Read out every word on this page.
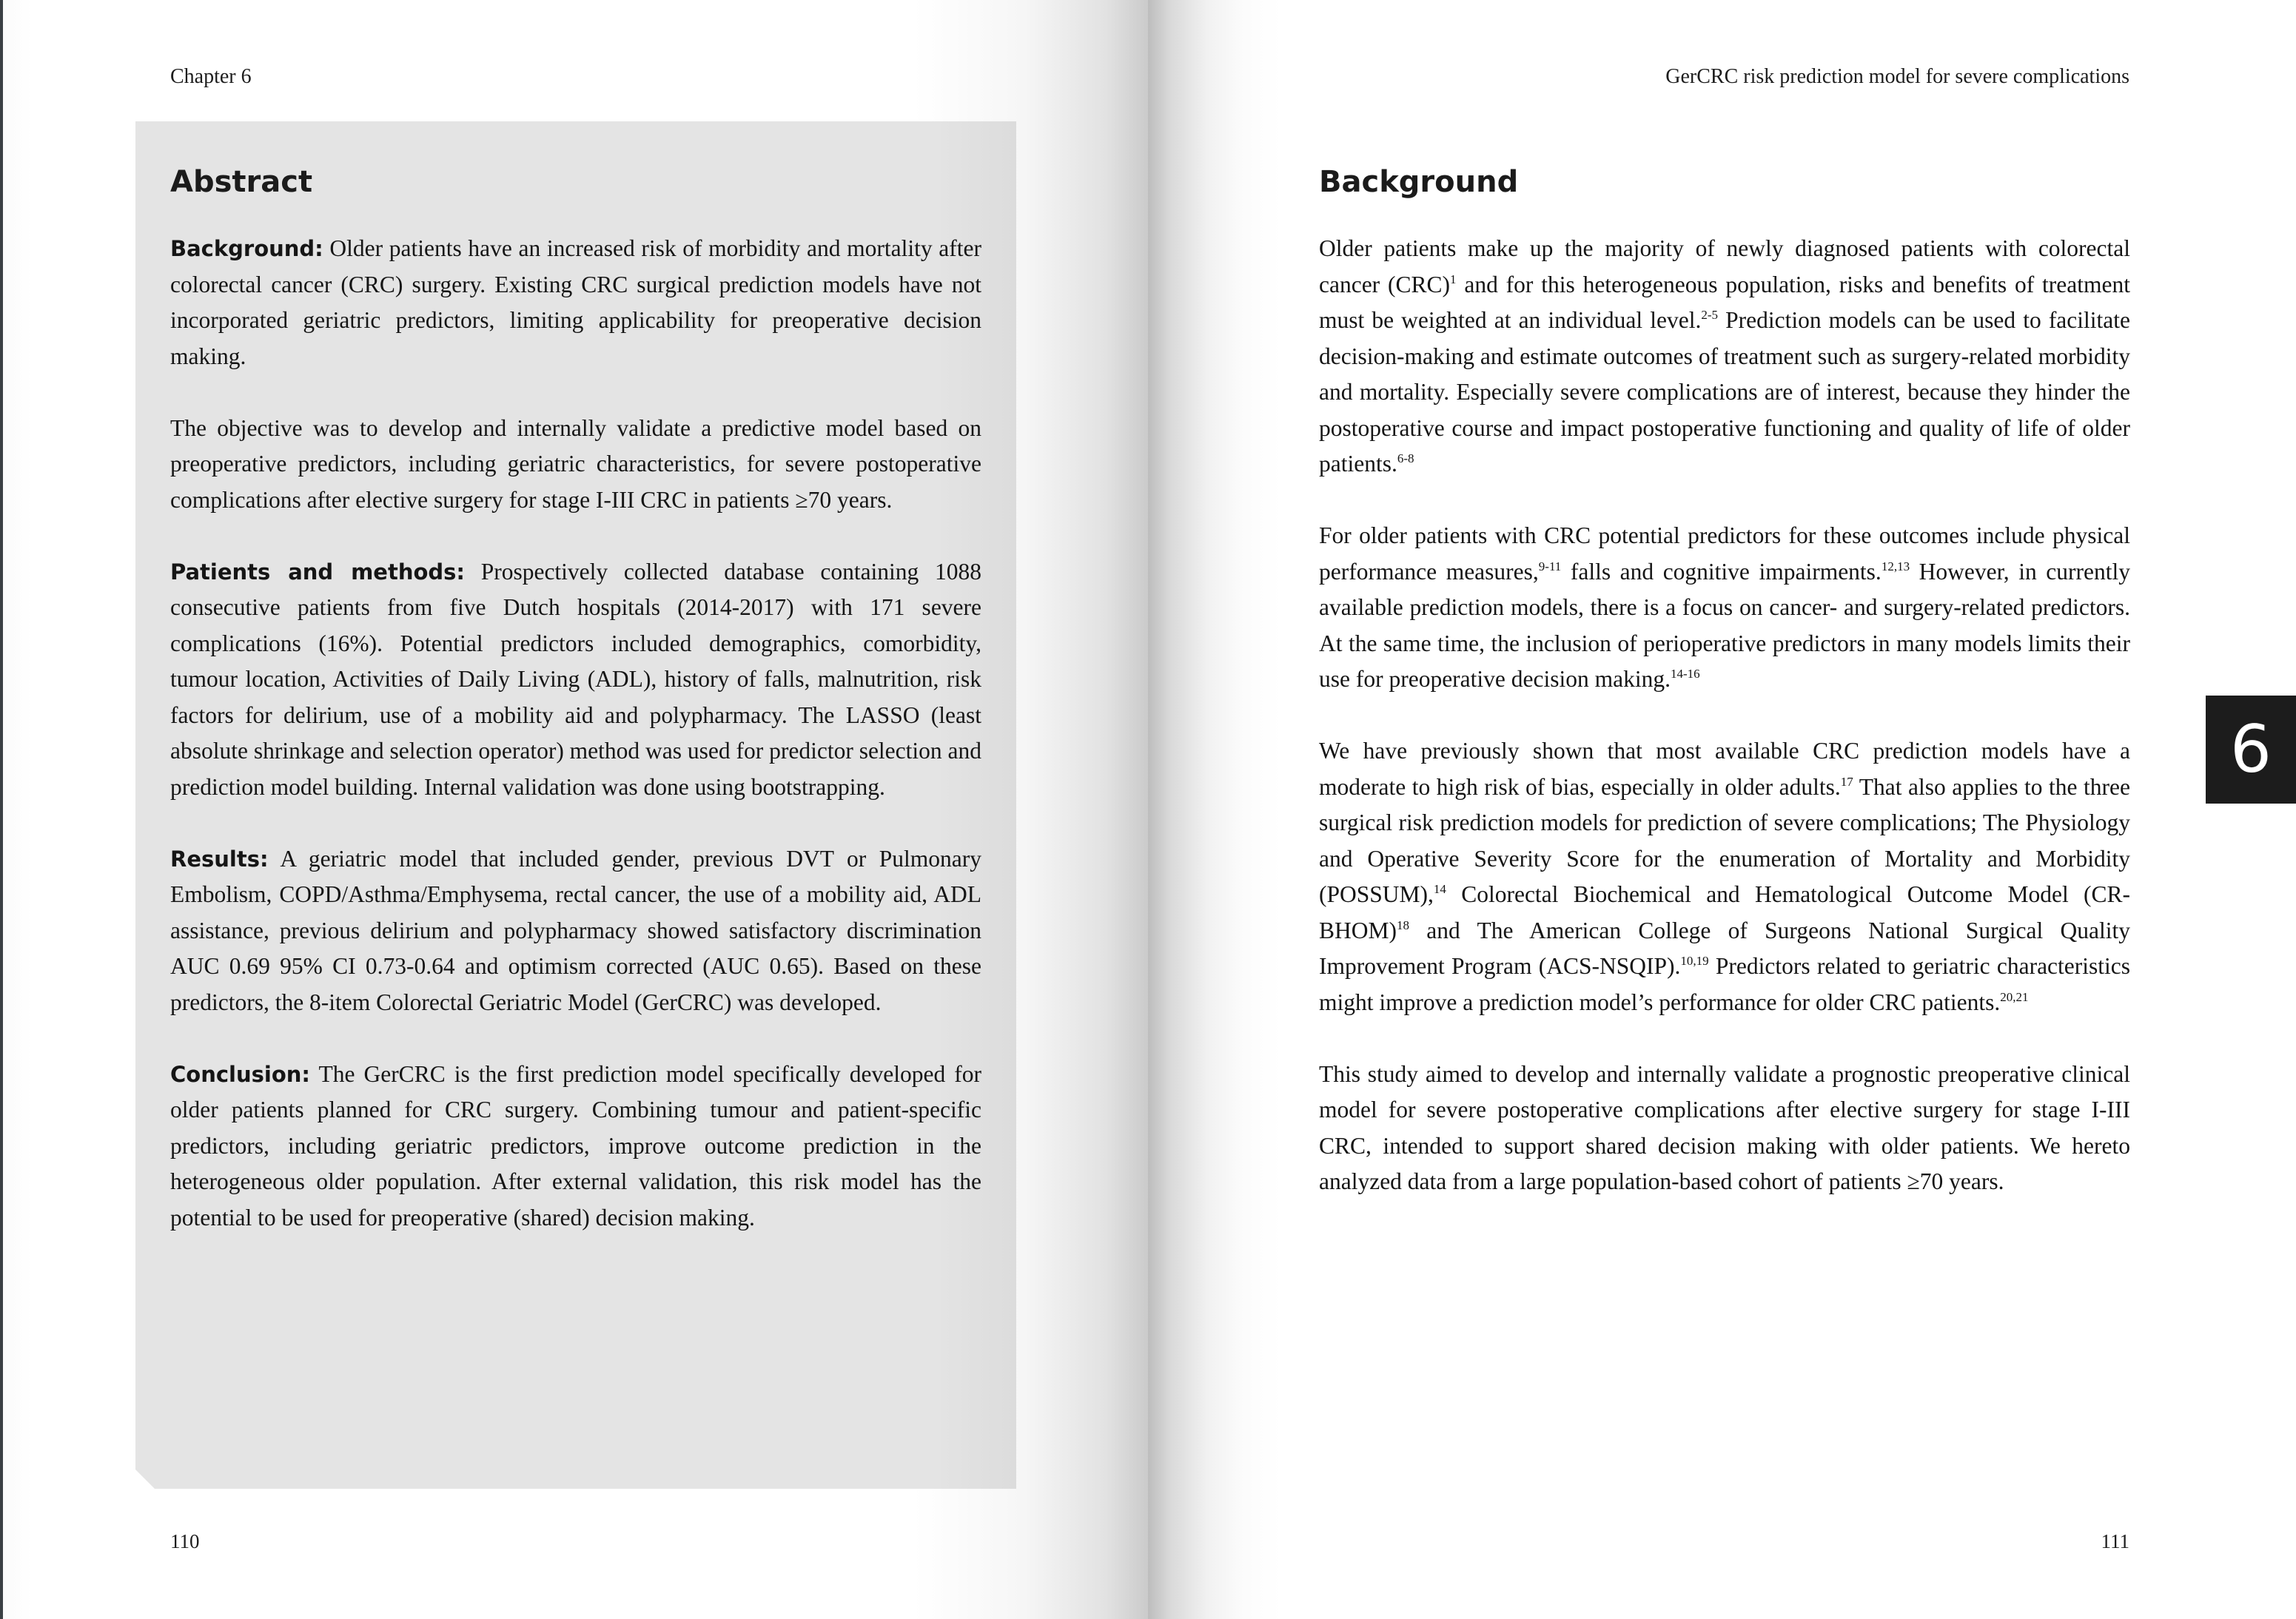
Chapter 6
Abstract

Background: Older patients have an increased risk of morbidity and mortality after colorectal cancer (CRC) surgery. Existing CRC surgical prediction models have not incorporated geriatric predictors, limiting applicability for preoperative decision making.

The objective was to develop and internally validate a predictive model based on preoperative predictors, including geriatric characteristics, for severe postoperative complications after elective surgery for stage I-III CRC in patients ≥70 years.

Patients and methods: Prospectively collected database containing 1088 consecutive patients from five Dutch hospitals (2014-2017) with 171 severe complications (16%). Potential predictors included demographics, comorbidity, tumour location, Activities of Daily Living (ADL), history of falls, malnutrition, risk factors for delirium, use of a mobility aid and polypharmacy. The LASSO (least absolute shrinkage and selection operator) method was used for predictor selection and prediction model building. Internal validation was done using bootstrapping.

Results: A geriatric model that included gender, previous DVT or Pulmonary Embolism, COPD/Asthma/Emphysema, rectal cancer, the use of a mobility aid, ADL assistance, previous delirium and polypharmacy showed satisfactory discrimination AUC 0.69 95% CI 0.73-0.64 and optimism corrected (AUC 0.65). Based on these predictors, the 8-item Colorectal Geriatric Model (GerCRC) was developed.

Conclusion: The GerCRC is the first prediction model specifically developed for older patients planned for CRC surgery. Combining tumour and patient-specific predictors, including geriatric predictors, improve outcome prediction in the heterogeneous older population. After external validation, this risk model has the potential to be used for preoperative (shared) decision making.

110
GerCRC risk prediction model for severe complications
Background

Older patients make up the majority of newly diagnosed patients with colorectal cancer (CRC)$^1$ and for this heterogeneous population, risks and benefits of treatment must be weighted at an individual level.$^{2-5}$ Prediction models can be used to facilitate decision-making and estimate outcomes of treatment such as surgery-related morbidity and mortality. Especially severe complications are of interest, because they hinder the postoperative course and impact postoperative functioning and quality of life of older patients.$^{6-8}$

For older patients with CRC potential predictors for these outcomes include physical performance measures,$^{9-11}$ falls and cognitive impairments.$^{12,13}$ However, in currently available prediction models, there is a focus on cancer- and surgery-related predictors. At the same time, the inclusion of perioperative predictors in many models limits their use for preoperative decision making.$^{14-16}$

We have previously shown that most available CRC prediction models have a moderate to high risk of bias, especially in older adults.$^{17}$ That also applies to the three surgical risk prediction models for prediction of severe complications; The Physiology and Operative Severity Score for the enumeration of Mortality and Morbidity (POSSUM),$^{14}$ Colorectal Biochemical and Hematological Outcome Model (CR-BHOM)$^{18}$ and The American College of Surgeons National Surgical Quality Improvement Program (ACS-NSQIP).$^{10,19}$ Predictors related to geriatric characteristics might improve a prediction model’s performance for older CRC patients.$^{20,21}$

This study aimed to develop and internally validate a prognostic preoperative clinical model for severe postoperative complications after elective surgery for stage I-III CRC, intended to support shared decision making with older patients. We hereto analyzed data from a large population-based cohort of patients ≥70 years.

6
111
